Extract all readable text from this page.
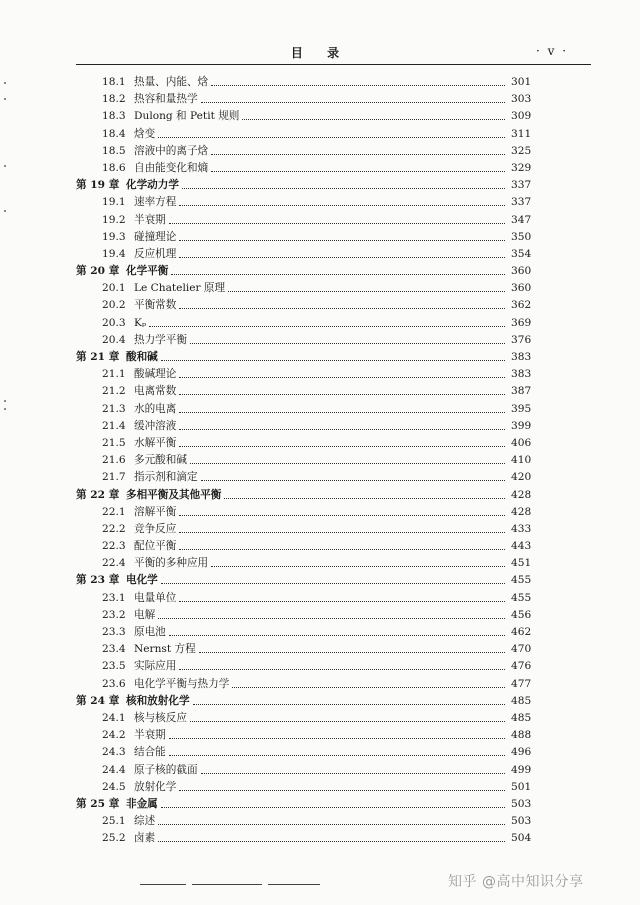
目 录	· v ·
18.1 热量、内能、焓	301
18.2 热容和量热学	303
18.3 Dulong 和 Petit 规则	309
18.4 焓变	311
18.5 溶液中的离子焓	325
18.6 自由能变化和熵	329
第 19 章 化学动力学	337
19.1 速率方程	337
19.2 半衰期	347
19.3 碰撞理论	350
19.4 反应机理	354
第 20 章 化学平衡	360
20.1 Le Chatelier 原理	360
20.2 平衡常数	362
20.3 Kₚ	369
20.4 热力学平衡	376
第 21 章 酸和碱	383
21.1 酸碱理论	383
21.2 电离常数	387
21.3 水的电离	395
21.4 缓冲溶液	399
21.5 水解平衡	406
21.6 多元酸和碱	410
21.7 指示剂和滴定	420
第 22 章 多相平衡及其他平衡	428
22.1 溶解平衡	428
22.2 竞争反应	433
22.3 配位平衡	443
22.4 平衡的多种应用	451
第 23 章 电化学	455
23.1 电量单位	455
23.2 电解	456
23.3 原电池	462
23.4 Nernst 方程	470
23.5 实际应用	476
23.6 电化学平衡与热力学	477
第 24 章 核和放射化学	485
24.1 核与核反应	485
24.2 半衰期	488
24.3 结合能	496
24.4 原子核的截面	499
24.5 放射化学	501
第 25 章 非金属	503
25.1 综述	503
25.2 卤素	504
知乎 @高中知识分享
